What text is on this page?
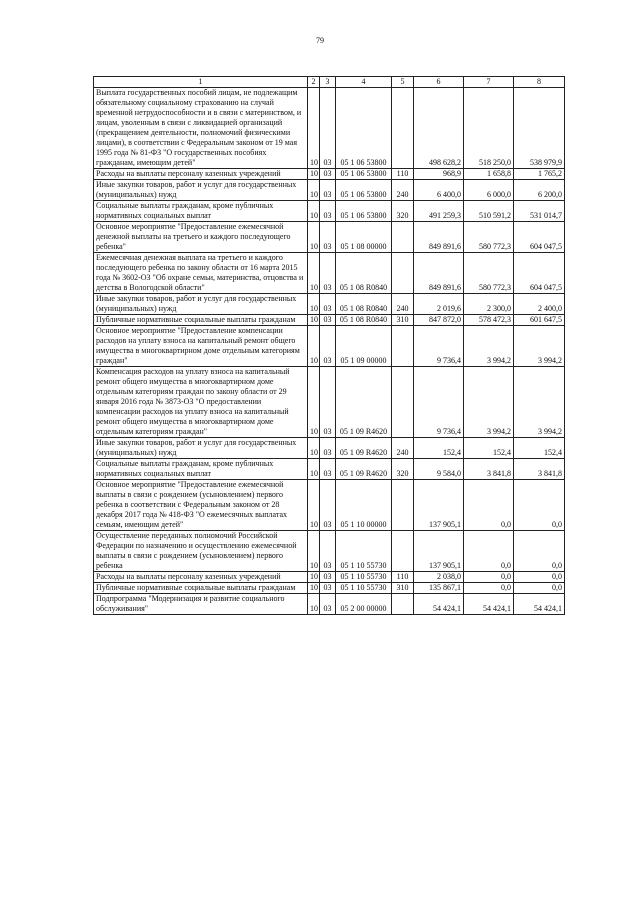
79
1	2	3	4	5	6	7	8
Выплата государственных пособий лицам, не подлежащим обязательному социальному страхованию на случай временной нетрудоспособности и в связи с материнством, и лицам, уволенным в связи с ликвидацией организаций (прекращением деятельности, полномочий физическими лицами), в соответствии с Федеральным законом от 19 мая 1995 года № 81-ФЗ "О государственных пособиях гражданам, имеющим детей"	10	03	05 1 06 53800		498 628,2	518 250,0	538 979,9
Расходы на выплаты персоналу казенных учреждений	10	03	05 1 06 53800	110	968,9	1 658,8	1 765,2
Иные закупки товаров, работ и услуг для государственных (муниципальных) нужд	10	03	05 1 06 53800	240	6 400,0	6 000,0	6 200,0
Социальные выплаты гражданам, кроме публичных нормативных социальных выплат	10	03	05 1 06 53800	320	491 259,3	510 591,2	531 014,7
Основное мероприятие "Предоставление ежемесячной денежной выплаты на третьего и каждого последующего ребенка"	10	03	05 1 08 00000		849 891,6	580 772,3	604 047,5
Ежемесячная денежная выплата на третьего и каждого последующего ребенка по закону области от 16 марта 2015 года № 3602-ОЗ "Об охране семьи, материнства, отцовства и детства в Вологодской области"	10	03	05 1 08 R0840		849 891,6	580 772,3	604 047,5
Иные закупки товаров, работ и услуг для государственных (муниципальных) нужд	10	03	05 1 08 R0840	240	2 019,6	2 300,0	2 400,0
Публичные нормативные социальные выплаты гражданам	10	03	05 1 08 R0840	310	847 872,0	578 472,3	601 647,5
Основное мероприятие "Предоставление компенсации расходов на уплату взноса на капитальный ремонт общего имущества в многоквартирном доме отдельным категориям граждан"	10	03	05 1 09 00000		9 736,4	3 994,2	3 994,2
Компенсация расходов на уплату взноса на капитальный ремонт общего имущества в многоквартирном доме отдельным категориям граждан по закону области от 29 января 2016 года № 3873-ОЗ "О предоставлении компенсации расходов на уплату взноса на капитальный ремонт общего имущества в многоквартирном доме отдельным категориям граждан"	10	03	05 1 09 R4620		9 736,4	3 994,2	3 994,2
Иные закупки товаров, работ и услуг для государственных (муниципальных) нужд	10	03	05 1 09 R4620	240	152,4	152,4	152,4
Социальные выплаты гражданам, кроме публичных нормативных социальных выплат	10	03	05 1 09 R4620	320	9 584,0	3 841,8	3 841,8
Основное мероприятие "Предоставление ежемесячной выплаты в связи с рождением (усыновлением) первого ребенка в соответствии с Федеральным законом от 28 декабря 2017 года № 418-ФЗ "О ежемесячных выплатах семьям, имеющим детей"	10	03	05 1 10 00000		137 905,1	0,0	0,0
Осуществление переданных полномочий Российской Федерации по назначению и осуществлению ежемесячной выплаты в связи с рождением (усыновлением) первого ребенка	10	03	05 1 10 55730		137 905,1	0,0	0,0
Расходы на выплаты персоналу казенных учреждений	10	03	05 1 10 55730	110	2 038,0	0,0	0,0
Публичные нормативные социальные выплаты гражданам	10	03	05 1 10 55730	310	135 867,1	0,0	0,0
Подпрограмма "Модернизация и развитие социального обслуживания"	10	03	05 2 00 00000		54 424,1	54 424,1	54 424,1
